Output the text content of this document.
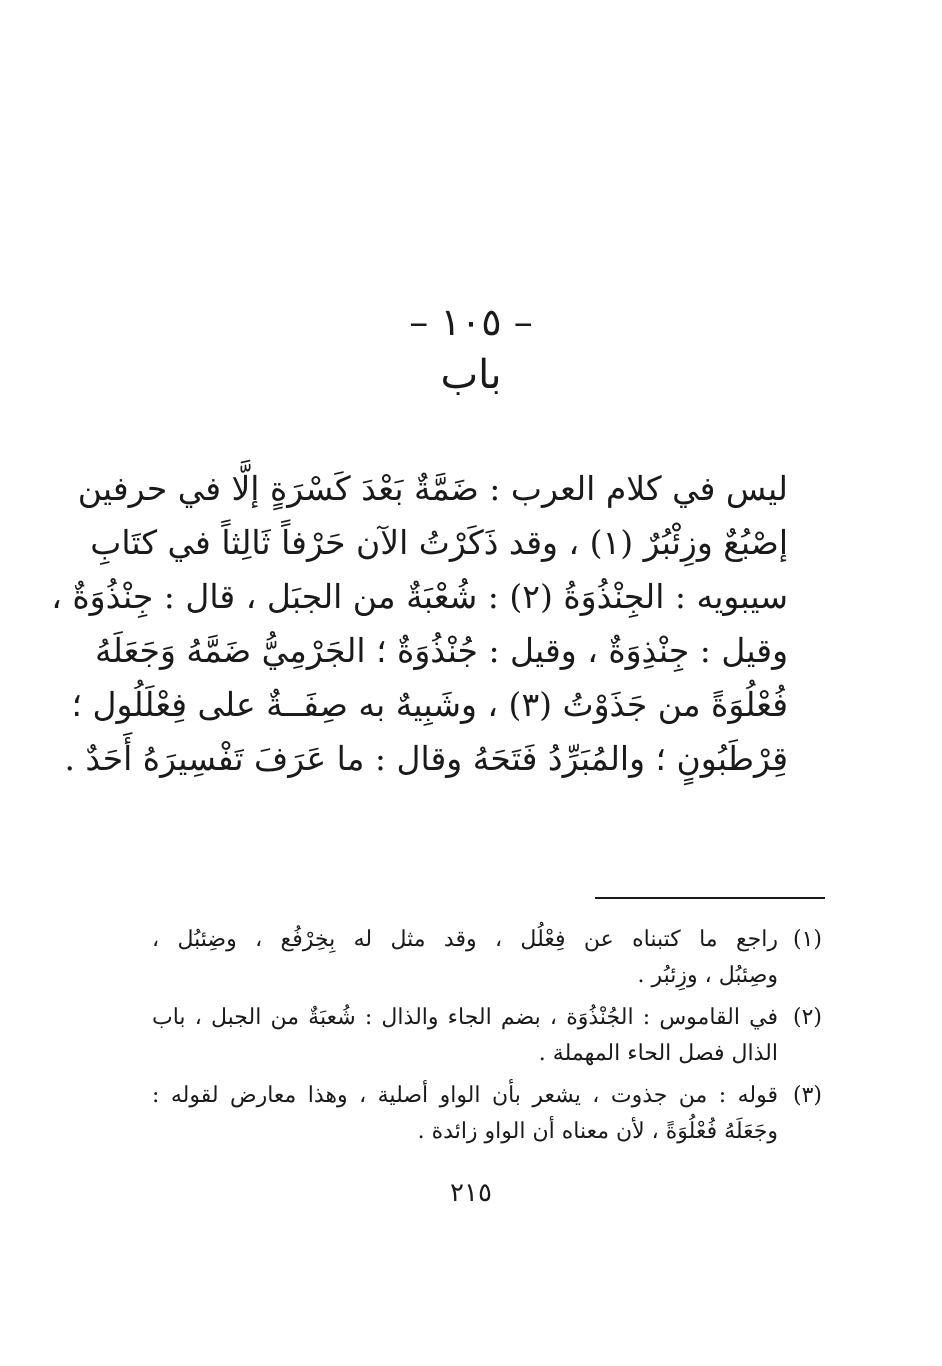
– ١٠٥ –
باب
ليس في كلام العرب : ضَمَّةٌ بَعْدَ كَسْرَةٍ إلَّا في حرفين
إصْبُعٌ وزِئْبُرٌ (١) ، وقد ذَكَرْتُ الآن حَرْفاً ثَالِثاً في كتَابِ
سيبويه : الجِنْذُوَةُ (٢) : شُعْبَةٌ من الجبَل ، قال : جِنْذُوَةٌ ،
وقيل : جِنْذِوَةٌ ، وقيل : جُنْذُوَةٌ ؛ الجَرْمِيُّ ضَمَّهُ وَجَعَلَهُ
فُعْلُوَةً من جَذَوْتُ (٣) ، وشَبِيهٌ به صِفَــةٌ على فِعْلَلُول ؛
قِرْطَبُونٍ ؛ والمُبَرِّدُ فَتَحَهُ وقال : ما عَرَفَ تَفْسِيرَهُ أَحَدٌ .
(١)
راجع ما كتبناه عن فِعْلُل ، وقد مثل له بِخِرْفُع ، وضِئبُل ،
وصِئبُل ، وزِئبُر .
(٢)
في القاموس : الجُنْذُوَة ، بضم الجاء والذال : شُعبَةٌ من الجبل ، باب
الذال فصل الحاء المهملة .
(٣)
قوله : من جذوت ، يشعر بأن الواو أصلية ، وهذا معارض لقوله :
وجَعَلَهُ فُعْلُوَةً ، لأن معناه أن الواو زائدة .
٢١٥
